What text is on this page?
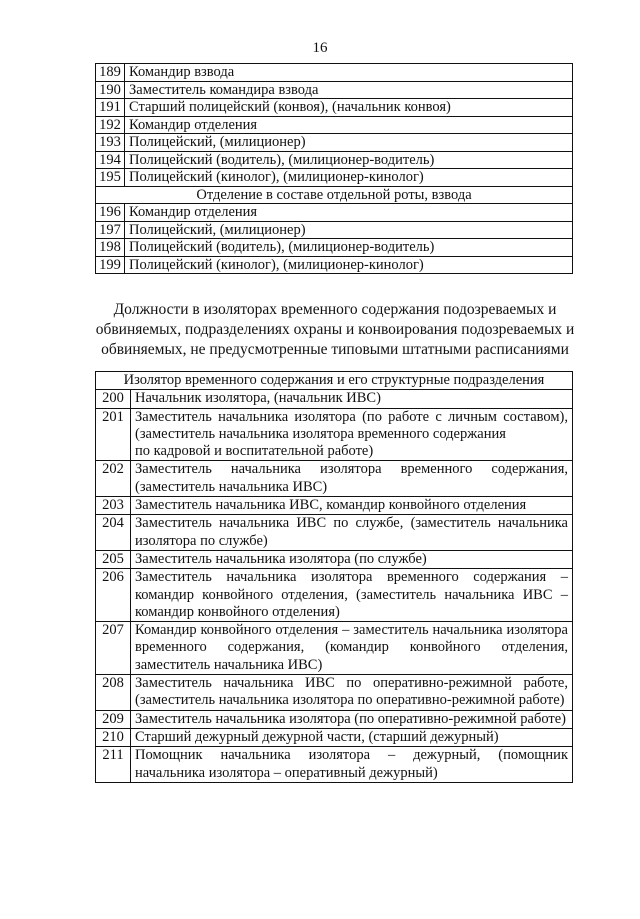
16
189	Командир взвода
190	Заместитель командира взвода
191	Старший полицейский (конвоя), (начальник конвоя)
192	Командир отделения
193	Полицейский, (милиционер)
194	Полицейский (водитель), (милиционер-водитель)
195	Полицейский (кинолог), (милиционер-кинолог)
Отделение в составе отдельной роты, взвода	
196	Командир отделения
197	Полицейский, (милиционер)
198	Полицейский (водитель), (милиционер-водитель)
199	Полицейский (кинолог), (милиционер-кинолог)
Должности в изоляторах временного содержания подозреваемых и обвиняемых, подразделениях охраны и конвоирования подозреваемых и обвиняемых, не предусмотренные типовыми штатными расписаниями
Изолятор временного содержания и его структурные подразделения	
200	Начальник изолятора, (начальник ИВС)
201	Заместитель начальника изолятора (по работе с личным составом), (заместитель начальника изолятора временного содержания
по кадровой и воспитательной работе)

202	Заместитель начальника изолятора временного содержания, (заместитель начальника ИВС)
203	Заместитель начальника ИВС, командир конвойного отделения
204	Заместитель начальника ИВС по службе, (заместитель начальника изолятора по службе)
205	Заместитель начальника изолятора (по службе)
206	Заместитель начальника изолятора временного содержания – командир конвойного отделения, (заместитель начальника ИВС – командир конвойного отделения)
207	Командир конвойного отделения – заместитель начальника изолятора временного содержания, (командир конвойного отделения, заместитель начальника ИВС)
208	Заместитель начальника ИВС по оперативно-режимной работе, (заместитель начальника изолятора по оперативно-режимной работе)
209	Заместитель начальника изолятора (по оперативно-режимной работе)
210	Старший дежурный дежурной части, (старший дежурный)
211	Помощник начальника изолятора – дежурный, (помощник начальника изолятора – оперативный дежурный)
